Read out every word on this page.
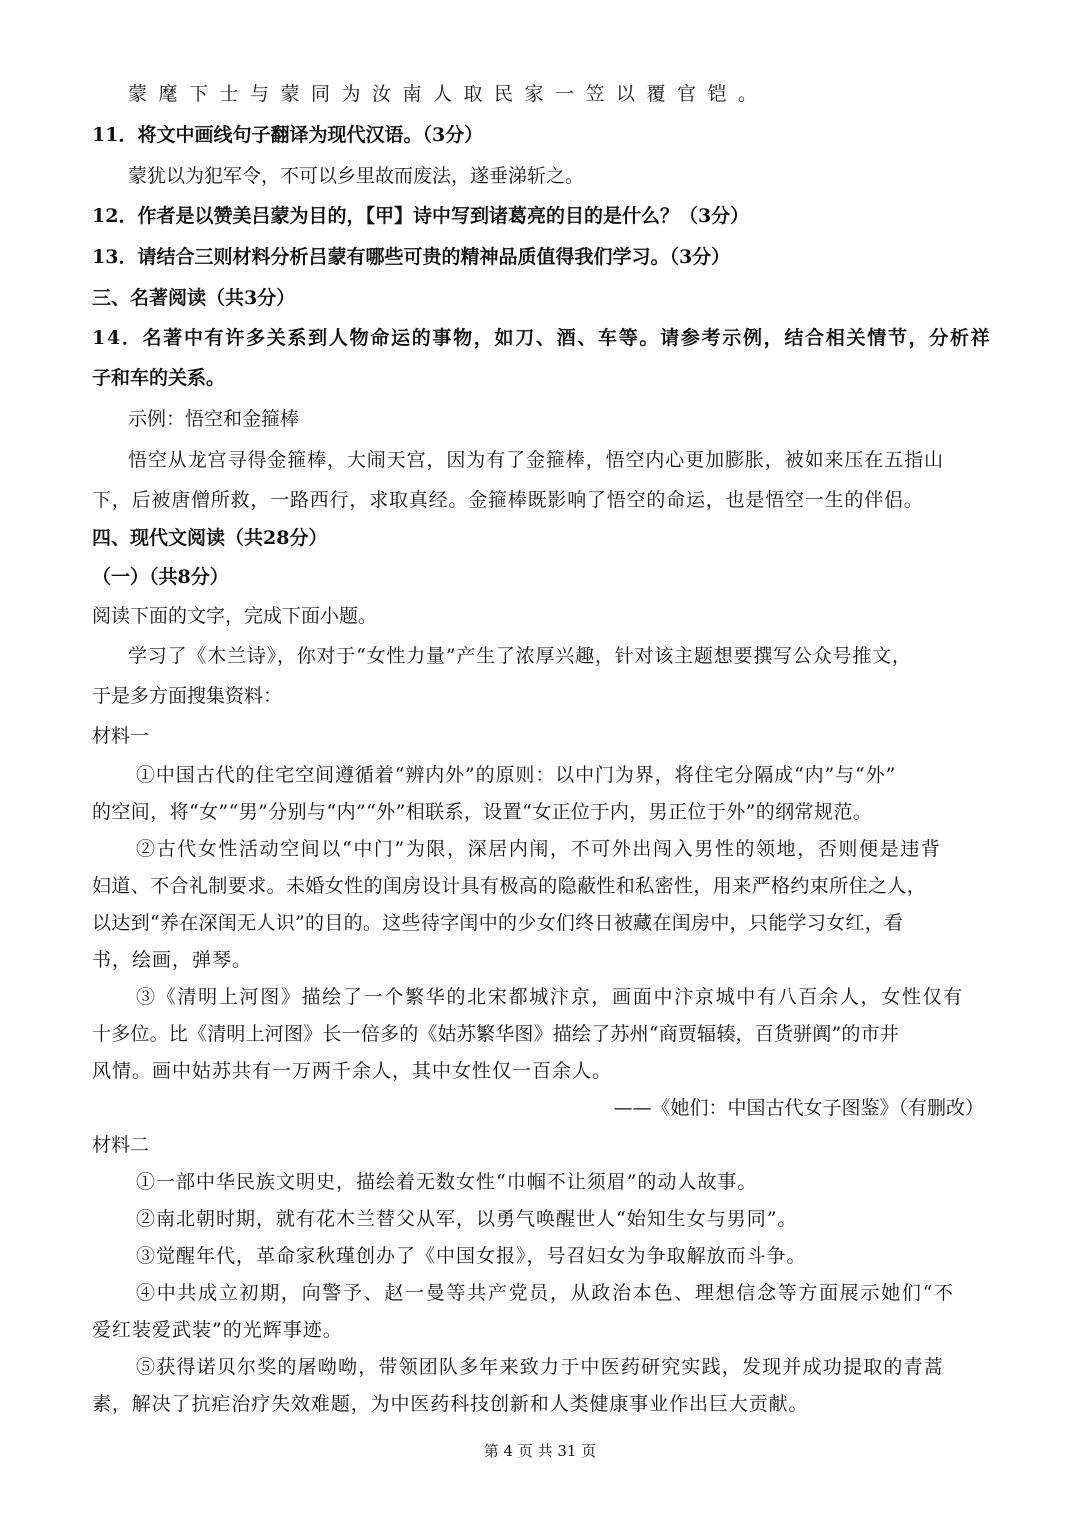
蒙麾下士与蒙同为汝南人取民家一笠以覆官铠。
11．将文中画线句子翻译为现代汉语。（3分）
蒙犹以为犯军令，不可以乡里故而废法，遂垂涕斩之。
12．作者是以赞美吕蒙为目的，【甲】诗中写到诸葛亮的目的是什么？（3分）
13．请结合三则材料分析吕蒙有哪些可贵的精神品质值得我们学习。（3分）
三、名著阅读（共3分）
1 4 ． 名 著 中 有 许 多 关 系 到 人 物 命 运 的 事 物 ， 如 刀 、 酒 、 车 等 。 请 参 考 示 例 ， 结 合 相 关 情 节 ， 分 析 祥
子和车的关系。
示例：悟空和金箍棒
悟空从龙宫寻得金箍棒，大闹天宫，因为有了金箍棒，悟空内心更加膨胀，被如来压在五指山
下，后被唐僧所救，一路西行，求取真经。金箍棒既影响了悟空的命运，也是悟空一生的伴侣。
四、现代文阅读（共28分）
（一）（共8分）
阅读下面的文字，完成下面小题。
学习了《木兰诗》，你对于“女性力量”产生了浓厚兴趣，针对该主题想要撰写公众号推文，
于是多方面搜集资料：
材料一
①中国古代的住宅空间遵循着“辨内外”的原则：以中门为界，将住宅分隔成“内”与“外”
的空间，将“女”“男”分别与“内”“外”相联系，设置“女正位于内，男正位于外”的纲常规范。
②古代女性活动空间以“中门”为限，深居内闱，不可外出闯入男性的领地，否则便是违背
妇道、不合礼制要求。未婚女性的闺房设计具有极高的隐蔽性和私密性，用来严格约束所住之人，
以达到“养在深闺无人识”的目的。这些待字闺中的少女们终日被藏在闺房中，只能学习女红，看
书，绘画，弹琴。
③《清明上河图》描绘了一个繁华的北宋都城汴京，画面中汴京城中有八百余人，女性仅有
十多位。比《清明上河图》长一倍多的《姑苏繁华图》描绘了苏州“商贾辐辏，百货骈阗”的市井
风情。画中姑苏共有一万两千余人，其中女性仅一百余人。
——《她们：中国古代女子图鉴》（有删改）
材料二
①一部中华民族文明史，描绘着无数女性“巾帼不让须眉”的动人故事。
②南北朝时期，就有花木兰替父从军，以勇气唤醒世人“始知生女与男同”。
③觉醒年代，革命家秋瑾创办了《中国女报》，号召妇女为争取解放而斗争。
④中共成立初期，向警予、赵一曼等共产党员，从政治本色、理想信念等方面展示她们“不
爱红装爱武装”的光辉事迹。
⑤获得诺贝尔奖的屠呦呦，带领团队多年来致力于中医药研究实践，发现并成功提取的青蒿
素，解决了抗疟治疗失效难题，为中医药科技创新和人类健康事业作出巨大贡献。
第 4 页 共 31 页
